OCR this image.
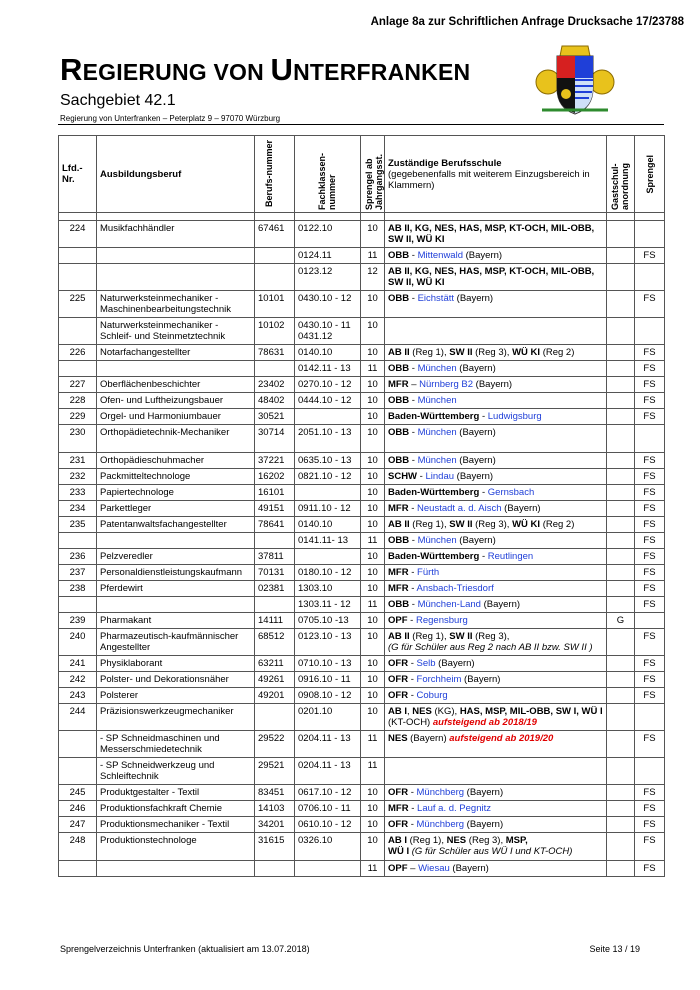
Anlage 8a zur Schriftlichen Anfrage Drucksache 17/23788
REGIERUNG VON UNTERFRANKEN
Sachgebiet 42.1
Regierung von Unterfranken – Peterplatz 9 – 97070 Würzburg
Lfd.-Nr.	Ausbildungsberuf	Berufs-nummer	Fachklassen-nummer	Sprengel ab Jahrgangsst.	Zuständige Berufsschule
(gegebenenfalls mit weiterem Einzugsbereich in Klammern)	Gastschul-anordnung	Sprengel

224	Musikfachhändler	67461	0122.10	10	AB II, KG, NES, HAS, MSP, KT-OCH, MIL-OBB, SW II, WÜ KI		
			0124.11	11	OBB - Mittenwald (Bayern)		FS
			0123.12	12	AB II, KG, NES, HAS, MSP, KT-OCH, MIL-OBB, SW II, WÜ KI		
225	Naturwerksteinmechaniker - Maschinenbearbeitungstechnik	10101	0430.10 - 12	10	OBB - Eichstätt (Bayern)		FS
	Naturwerksteinmechaniker - Schleif- und Steinmetztechnik	10102	0430.10 - 11 0431.12	10			
226	Notarfachangestellter	78631	0140.10	10	AB II (Reg 1), SW II (Reg 3), WÜ KI (Reg 2)		FS
			0142.11 - 13	11	OBB - München (Bayern)		FS
227	Oberflächenbeschichter	23402	0270.10 - 12	10	MFR – Nürnberg B2 (Bayern)		FS
228	Ofen- und Luftheizungsbauer	48402	0444.10 - 12	10	OBB - München		FS
229	Orgel- und Harmoniumbauer	30521		10	Baden-Württemberg - Ludwigsburg		FS
230	Orthopädietechnik-Mechaniker	30714	2051.10 - 13	10	OBB - München (Bayern)		
231	Orthopädieschuhmacher	37221	0635.10 - 13	10	OBB - München (Bayern)		FS
232	Packmitteltechnologe	16202	0821.10 - 12	10	SCHW - Lindau (Bayern)		FS
233	Papiertechnologe	16101		10	Baden-Württemberg - Gernsbach		FS
234	Parkettleger	49151	0911.10 - 12	10	MFR - Neustadt a. d. Aisch (Bayern)		FS
235	Patentanwaltsfachangestellter	78641	0140.10	10	AB II (Reg 1), SW II (Reg 3), WÜ KI (Reg 2)		FS
			0141.11- 13	11	OBB - München (Bayern)		FS
236	Pelzveredler	37811		10	Baden-Württemberg - Reutlingen		FS
237	Personaldienstleistungskaufmann	70131	0180.10 - 12	10	MFR - Fürth		FS
238	Pferdewirt	02381	1303.10	10	MFR - Ansbach-Triesdorf		FS
			1303.11 - 12	11	OBB - München-Land (Bayern)		FS
239	Pharmakant	14111	0705.10 -13	10	OPF - Regensburg	G	
240	Pharmazeutisch-kaufmännischer Angestellter	68512	0123.10 - 13	10	AB II (Reg 1), SW II (Reg 3),
(G für Schüler aus Reg 2 nach AB II bzw. SW II )		FS
241	Physiklaborant	63211	0710.10 - 13	10	OFR - Selb (Bayern)		FS
242	Polster- und Dekorationsnäher	49261	0916.10 - 11	10	OFR - Forchheim (Bayern)		FS
243	Polsterer	49201	0908.10 - 12	10	OFR - Coburg		FS
244	Präzisionswerkzeugmechaniker		0201.10	10	AB I, NES (KG), HAS, MSP, MIL-OBB, SW I, WÜ I (KT-OCH) aufsteigend ab 2018/19		
	- SP Schneidmaschinen und Messerschmiedetechnik	29522	0204.11 - 13	11	NES (Bayern) aufsteigend ab 2019/20		FS
	- SP Schneidwerkzeug und Schleiftechnik	29521	0204.11 - 13	11			
245	Produktgestalter - Textil	83451	0617.10 - 12	10	OFR - Münchberg (Bayern)		FS
246	Produktionsfachkraft Chemie	14103	0706.10 - 11	10	MFR - Lauf a. d. Pegnitz		FS
247	Produktionsmechaniker - Textil	34201	0610.10 - 12	10	OFR - Münchberg (Bayern)		FS
248	Produktionstechnologe	31615	0326.10	10	AB I (Reg 1), NES (Reg 3), MSP,
WÜ I (G für Schüler aus WÜ I und KT-OCH)		FS
				11	OPF – Wiesau (Bayern)		FS
Sprengelverzeichnis Unterfranken (aktualisiert am 13.07.2018)	Seite 13 / 19
